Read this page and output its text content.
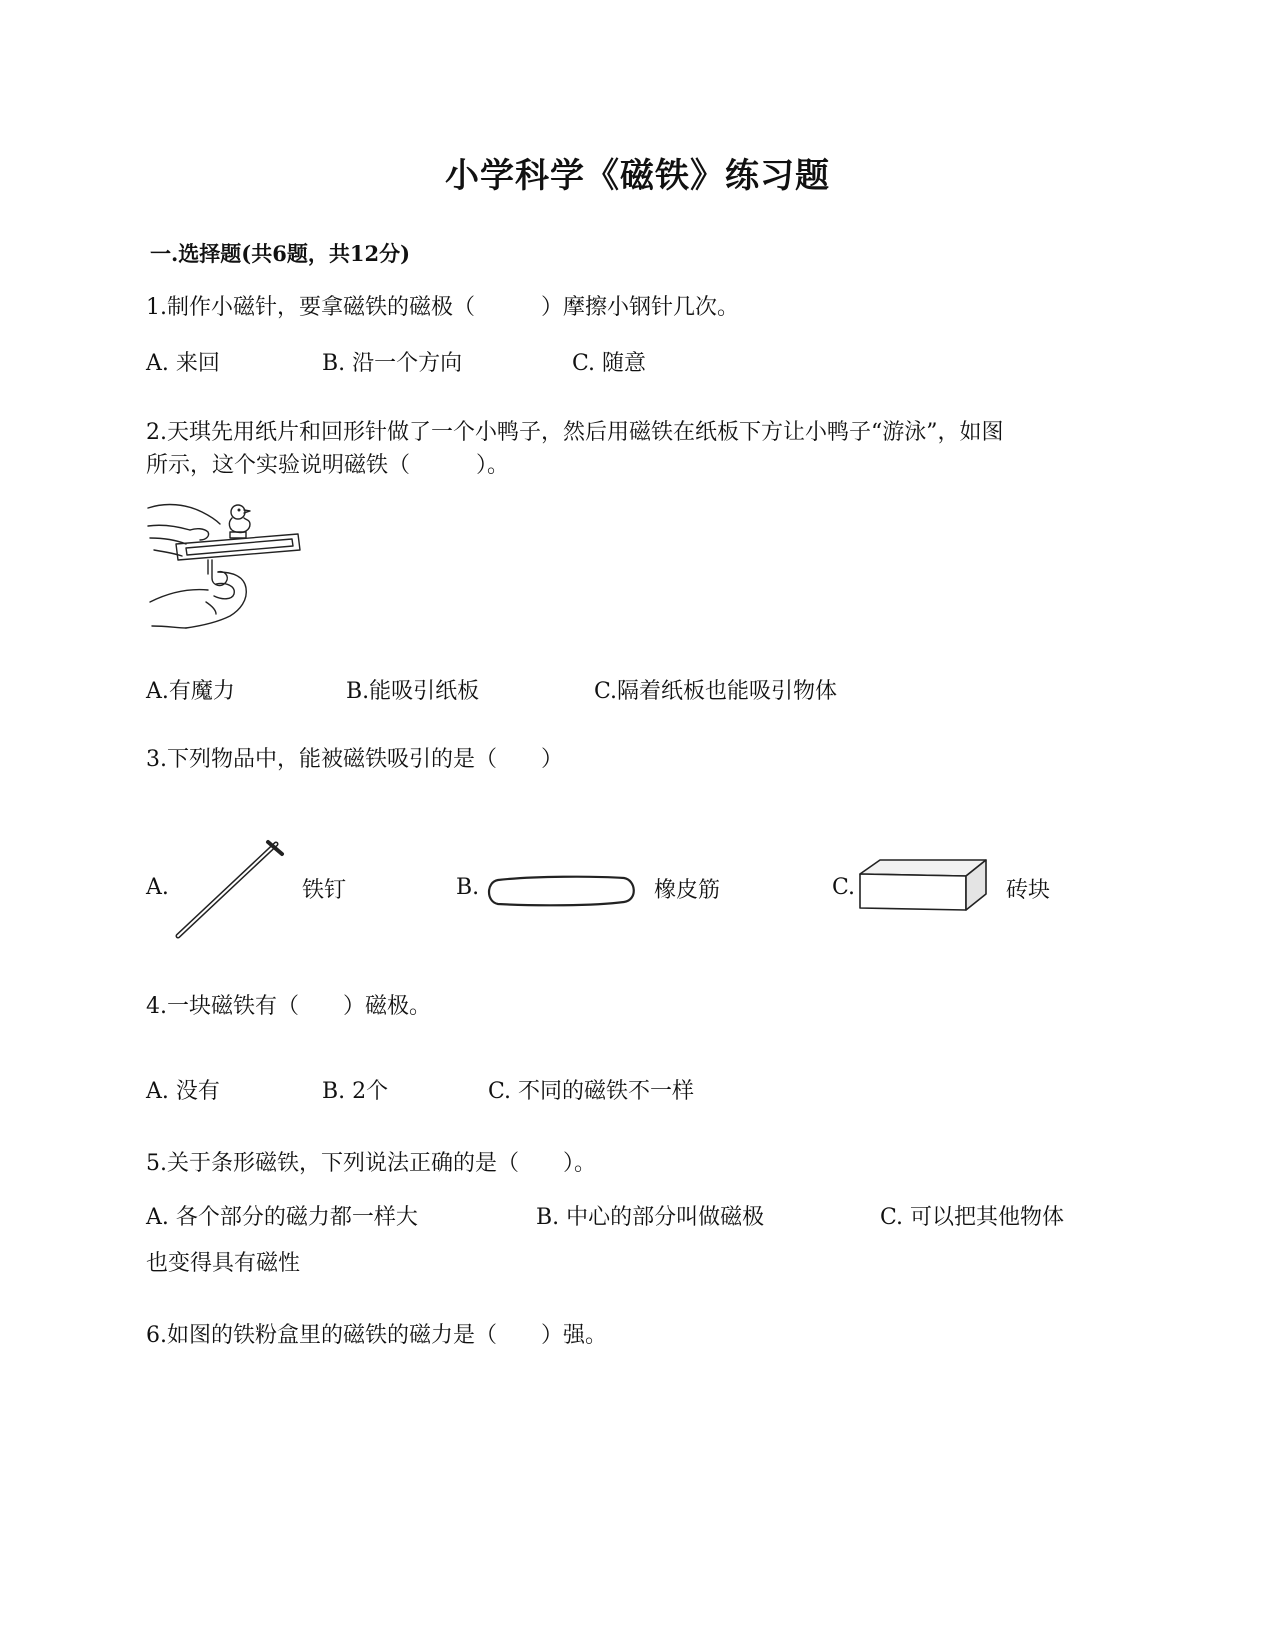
小学科学《磁铁》练习题
一.选择题(共6题，共12分)
1.制作小磁针，要拿磁铁的磁极（　　　）摩擦小钢针几次。
A. 来回	B. 沿一个方向	C. 随意
2.天琪先用纸片和回形针做了一个小鸭子，然后用磁铁在纸板下方让小鸭子“游泳”，如图
所示，这个实验说明磁铁（　　　）。
A.有魔力	B.能吸引纸板	C.隔着纸板也能吸引物体
3.下列物品中，能被磁铁吸引的是（　　）
A.	铁钉	B.	橡皮筋	C.	砖块
4.一块磁铁有（　　）磁极。
A. 没有	B. 2个	C. 不同的磁铁不一样
5.关于条形磁铁，下列说法正确的是（　　）。
A. 各个部分的磁力都一样大	B. 中心的部分叫做磁极	C. 可以把其他物体
也变得具有磁性
6.如图的铁粉盒里的磁铁的磁力是（　　）强。
